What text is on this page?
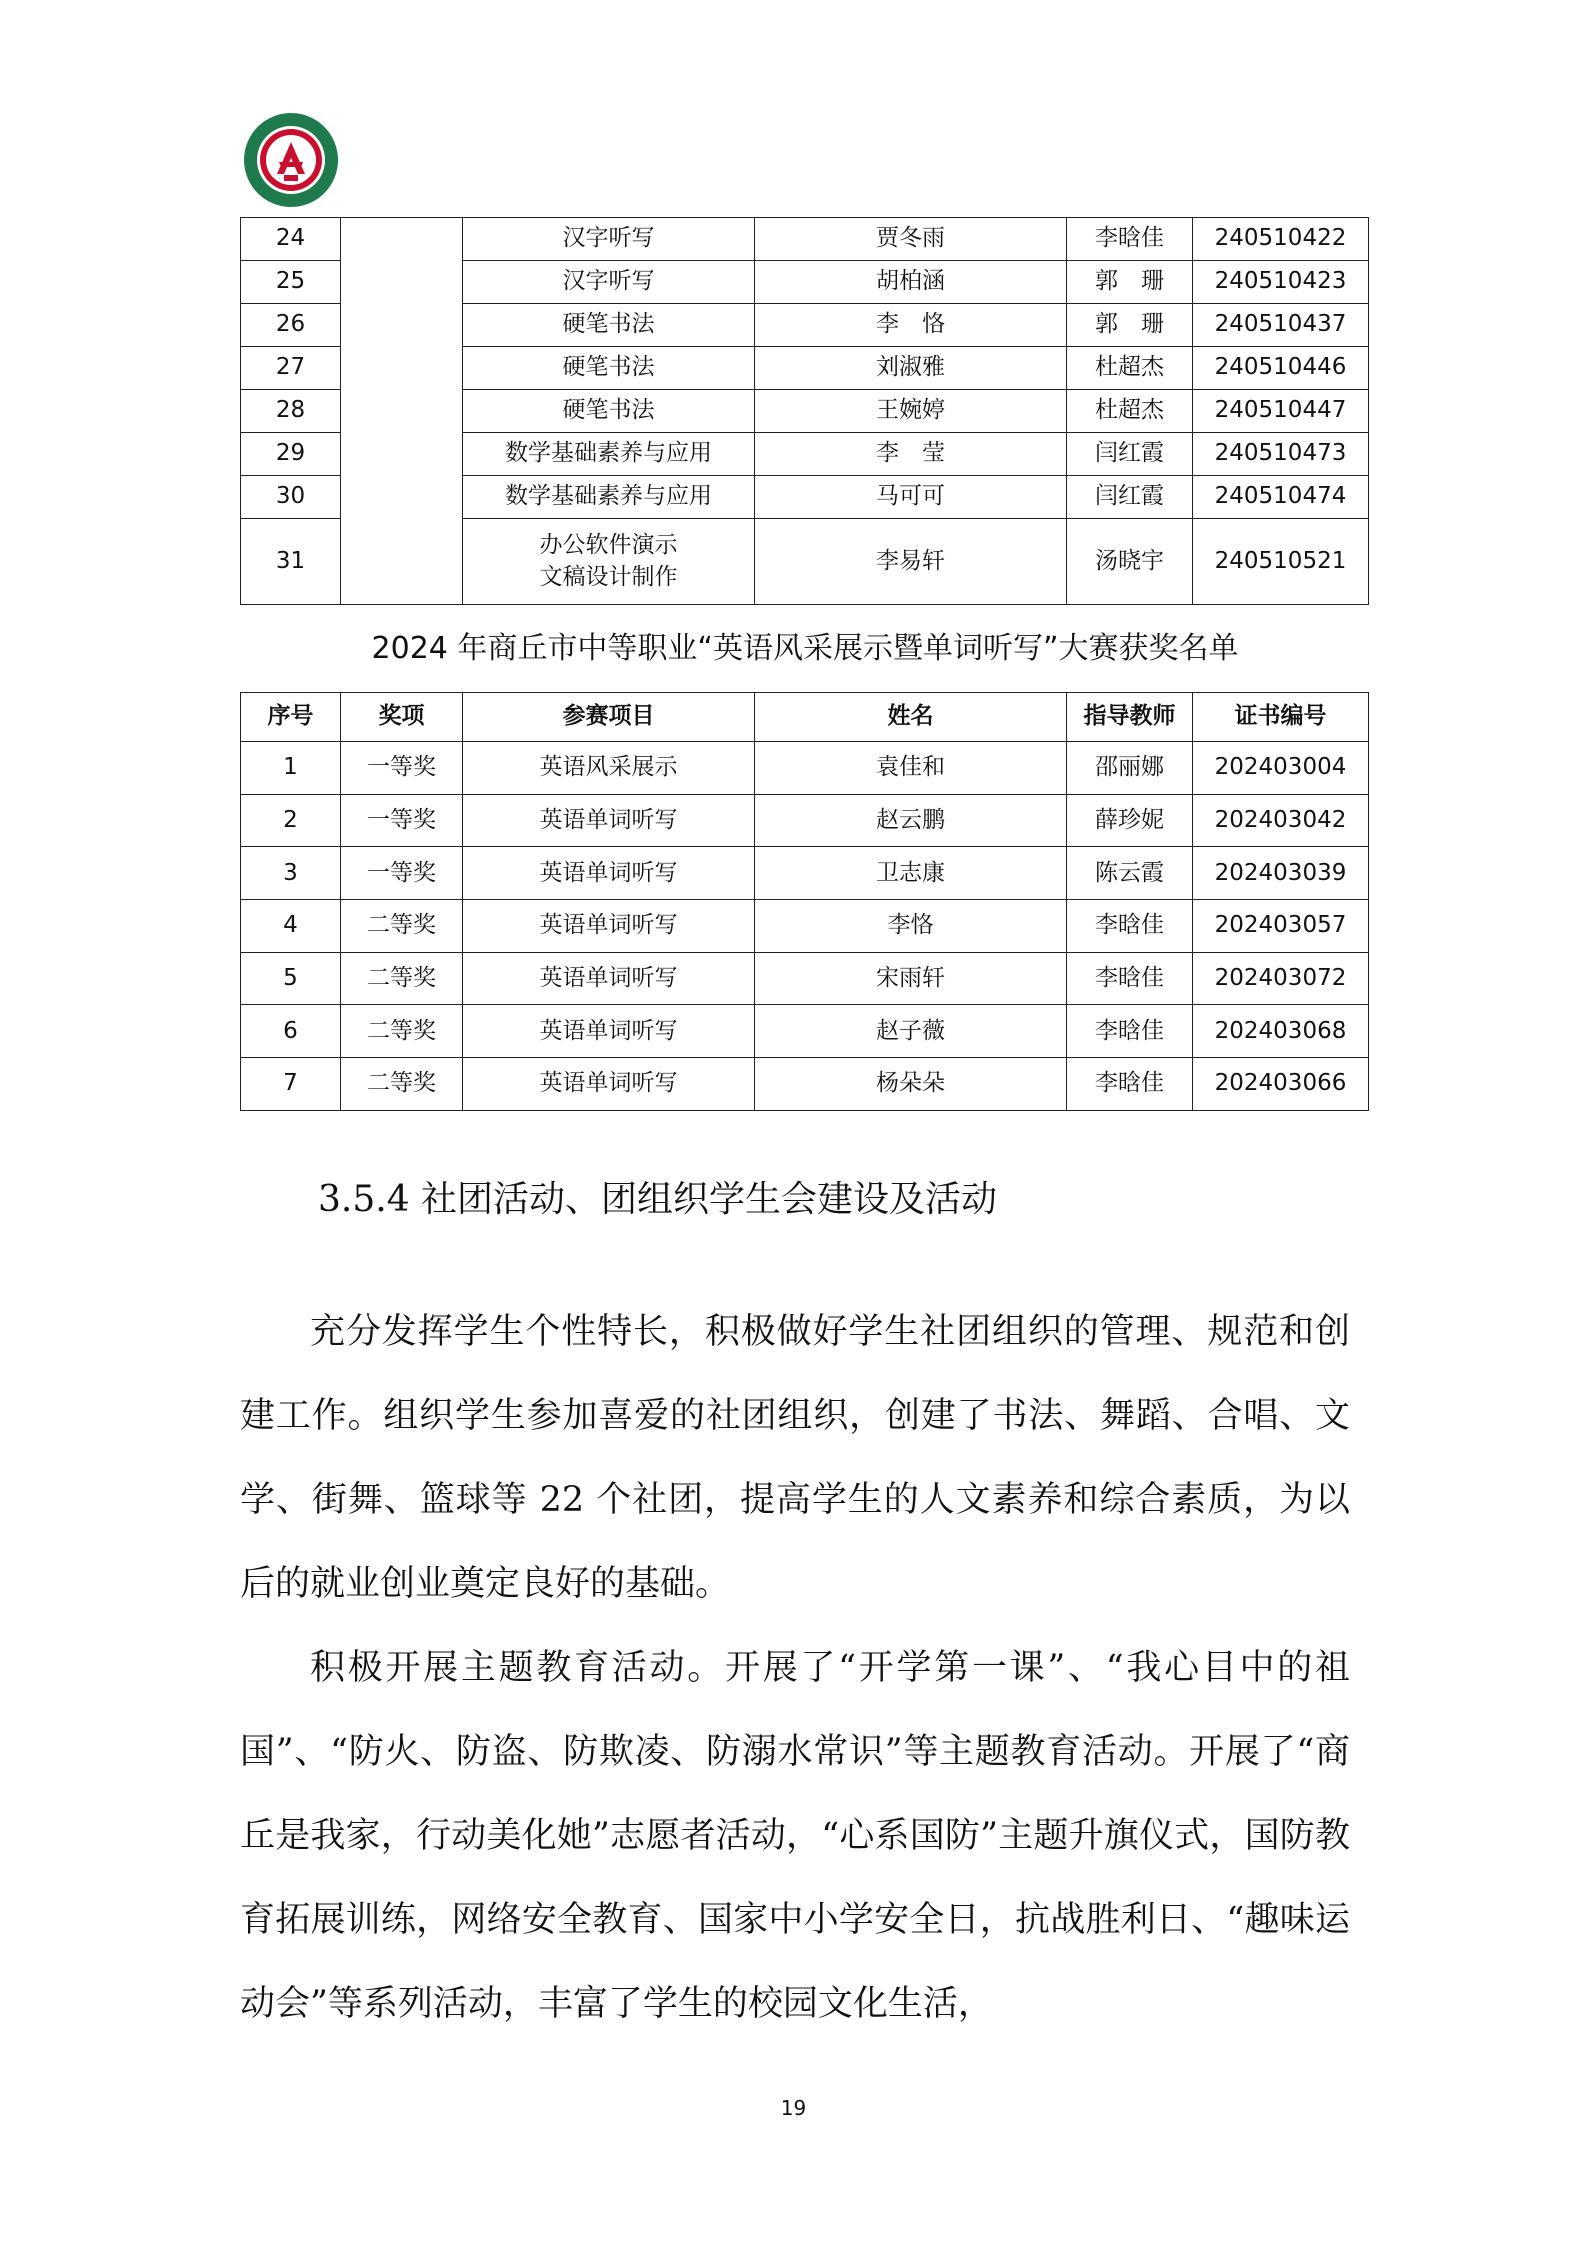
24		汉字听写	贾冬雨	李晗佳	240510422
25		汉字听写	胡柏涵	郭　珊	240510423
26		硬笔书法	李　恪	郭　珊	240510437
27		硬笔书法	刘淑雅	杜超杰	240510446
28		硬笔书法	王婉婷	杜超杰	240510447
29		数学基础素养与应用	李　莹	闫红霞	240510473
30		数学基础素养与应用	马可可	闫红霞	240510474
31		办公软件演示
文稿设计制作	李易轩	汤晓宇	240510521
2024 年商丘市中等职业“英语风采展示暨单词听写”大赛获奖名单
序号	奖项	参赛项目	姓名	指导教师	证书编号
1	一等奖	英语风采展示	袁佳和	邵丽娜	202403004
2	一等奖	英语单词听写	赵云鹏	薛珍妮	202403042
3	一等奖	英语单词听写	卫志康	陈云霞	202403039
4	二等奖	英语单词听写	李恪	李晗佳	202403057
5	二等奖	英语单词听写	宋雨轩	李晗佳	202403072
6	二等奖	英语单词听写	赵子薇	李晗佳	202403068
7	二等奖	英语单词听写	杨朵朵	李晗佳	202403066
3.5.4 社团活动、团组织学生会建设及活动

充分发挥学生个性特长，积极做好学生社团组织的管理、规范和创建工作。组织学生参加喜爱的社团组织，创建了书法、舞蹈、合唱、文学、街舞、篮球等 22 个社团，提高学生的人文素养和综合素质，为以后的就业创业奠定良好的基础。

积极开展主题教育活动。开展了“开学第一课”、“我心目中的祖国”、“防火、防盗、防欺凌、防溺水常识”等主题教育活动。开展了“商丘是我家，行动美化她”志愿者活动，“心系国防”主题升旗仪式，国防教育拓展训练，网络安全教育、国家中小学安全日，抗战胜利日、“趣味运动会”等系列活动，丰富了学生的校园文化生活，

19
